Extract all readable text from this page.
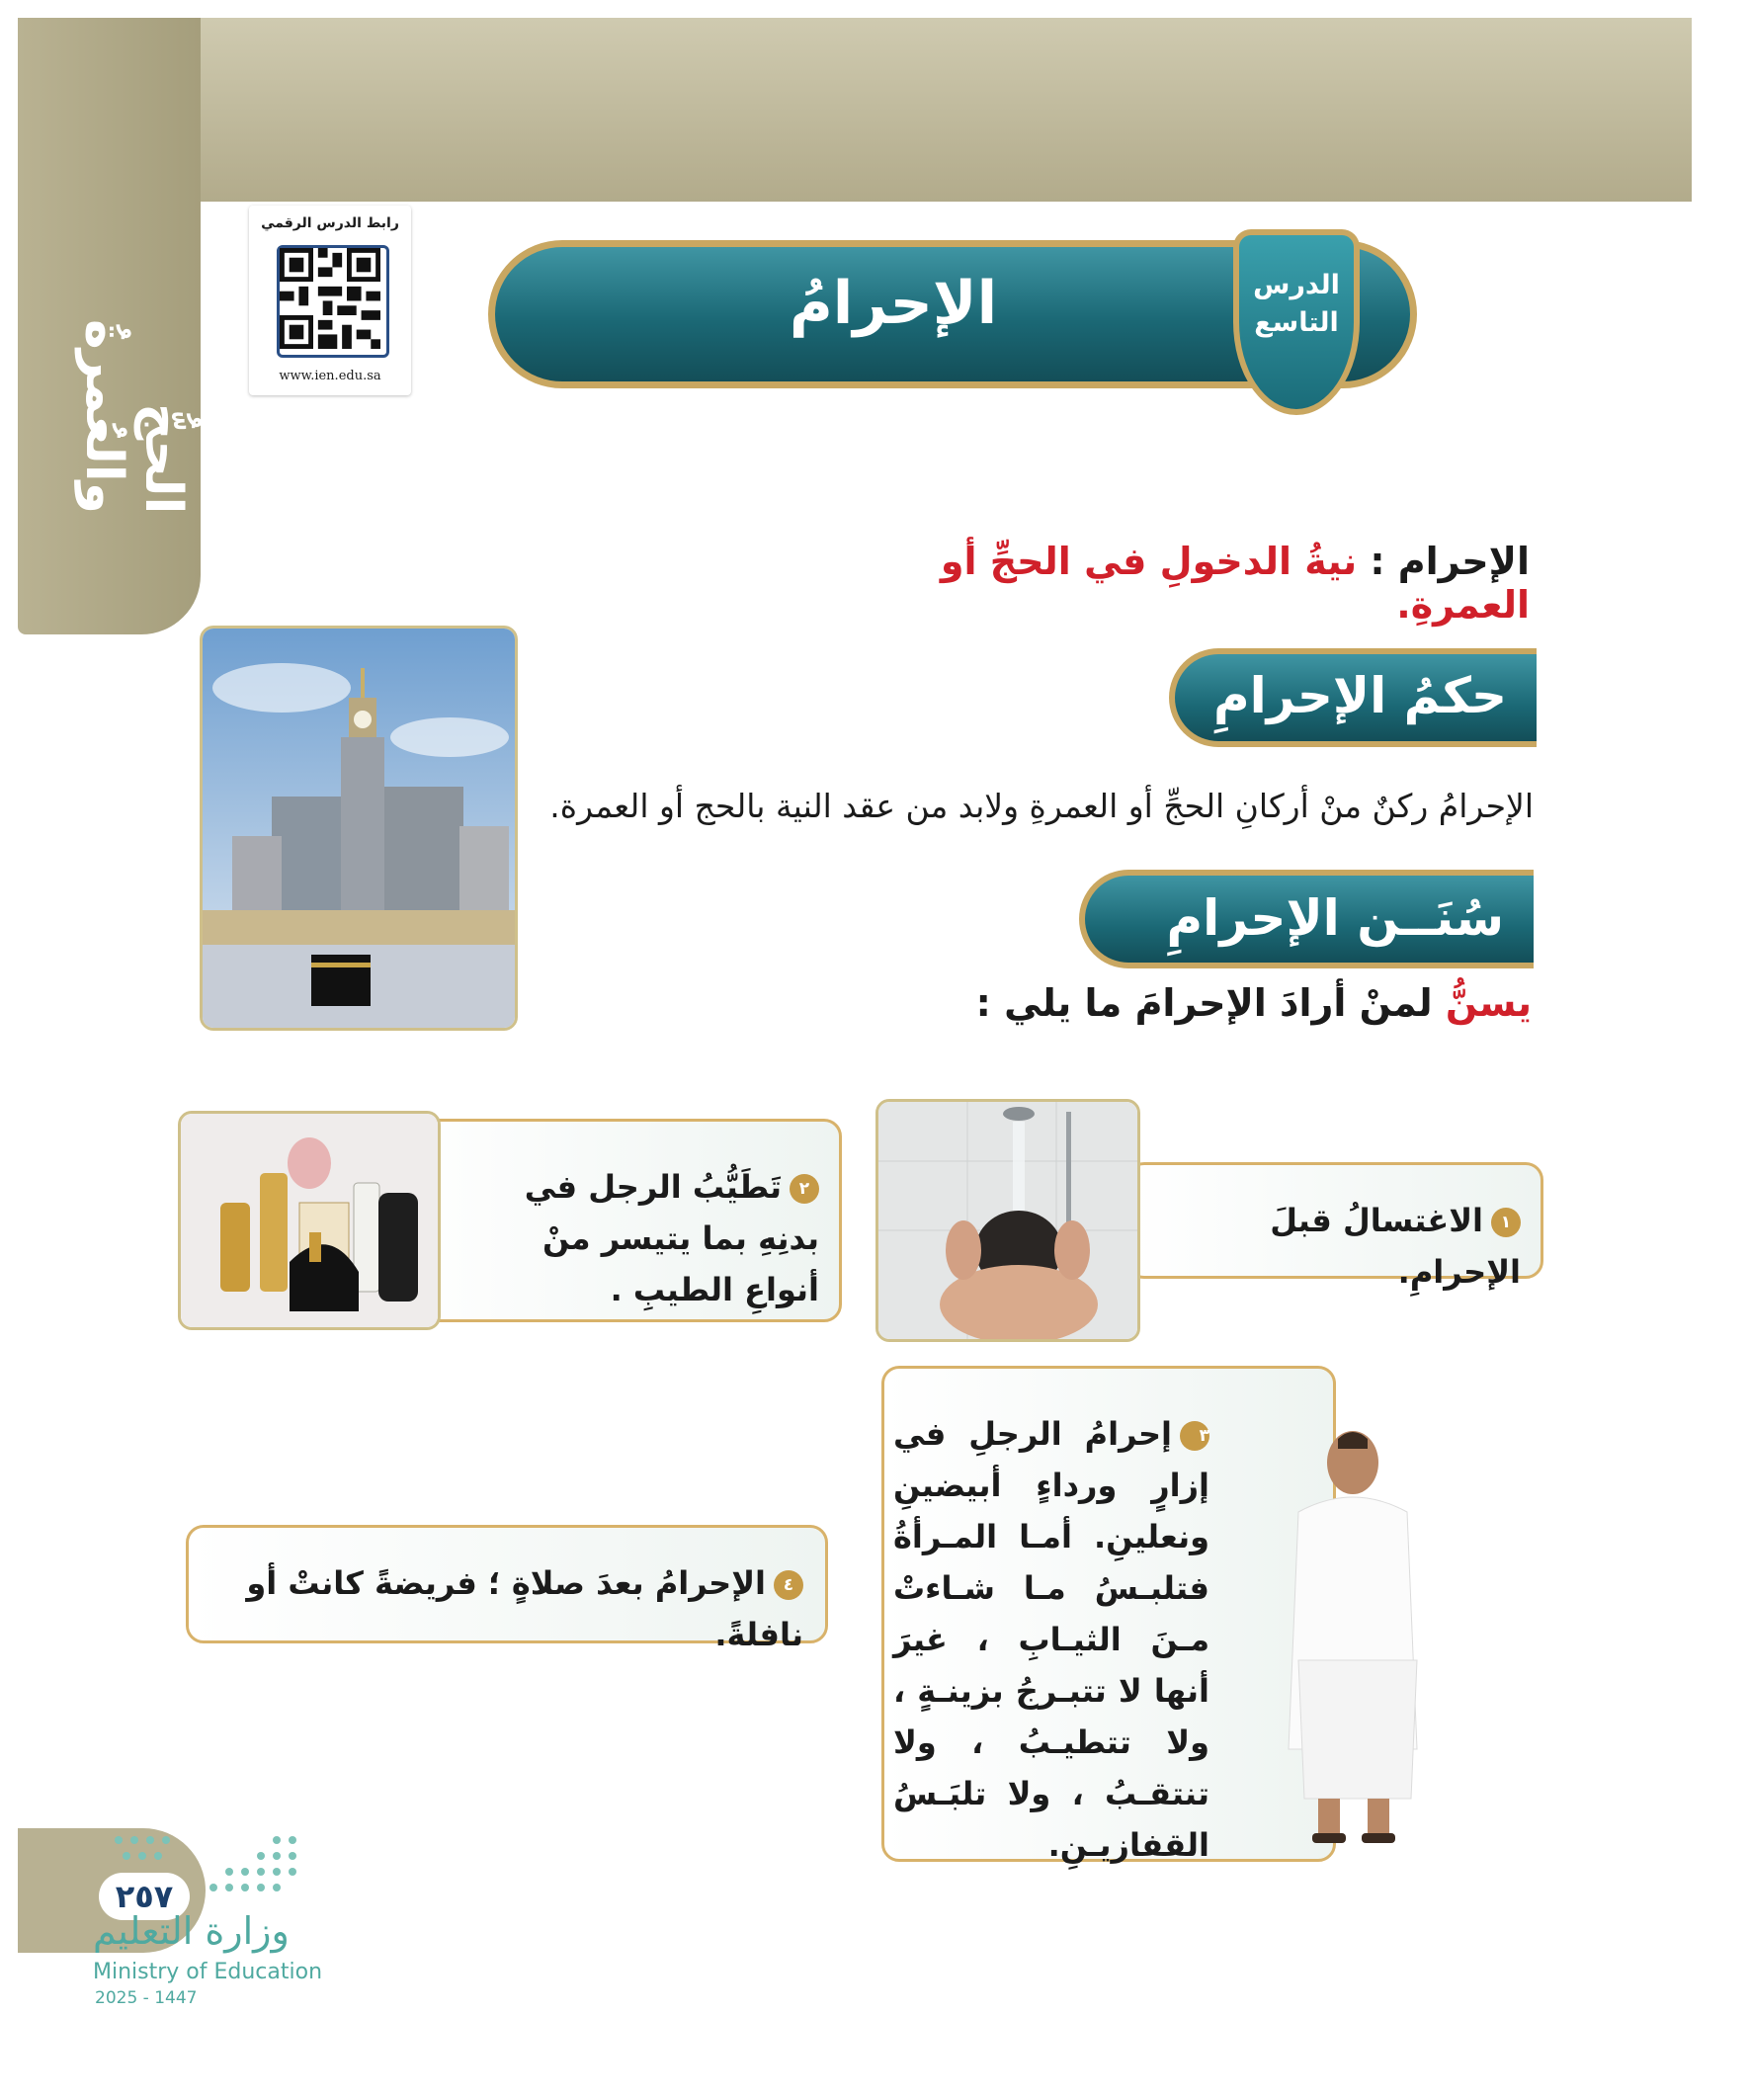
الحجُّ والعُمرةُ
رابط الدرس الرقمي
www.ien.edu.sa
الإحرامُ	الدرس التاسع
الإحرام : نيةُ الدخولِ في الحجِّ أو العمرةِ.
حكمُ الإحرامِ
الإحرامُ ركنٌ منْ أركانِ الحجِّ أو العمرةِ ولابد من عقد النية بالحج أو العمرة.
سُنَــن الإحرامِ
يسنُّ لمنْ أرادَ الإحرامَ ما يلي :
١الاغتسالُ قبلَ الإحرامِ.
٢تَطَيُّبُ الرجل في بدنِهِ بما يتيسر منْ أنواعِ الطيبِ .
٣إحرامُ الرجلِ في إزارٍ ورداءٍ أبيضينِ ونعلينِ. أمـا المـرأةُ فتلبـسُ مـا شـاءتْ مـنَ الثيـابِ ، غيرَ أنها لا تتبـرجُ بزينـةٍ ، ولا تتطيـبُ ، ولا تنتقـبُ ، ولا تلبَـسُ القفازيـنِ.
٤الإحرامُ بعدَ صلاةٍ ؛ فريضةً كانتْ أو نافلةً.
٢٥٧
وزارة التعليم
Ministry of Education
2025 - 1447
